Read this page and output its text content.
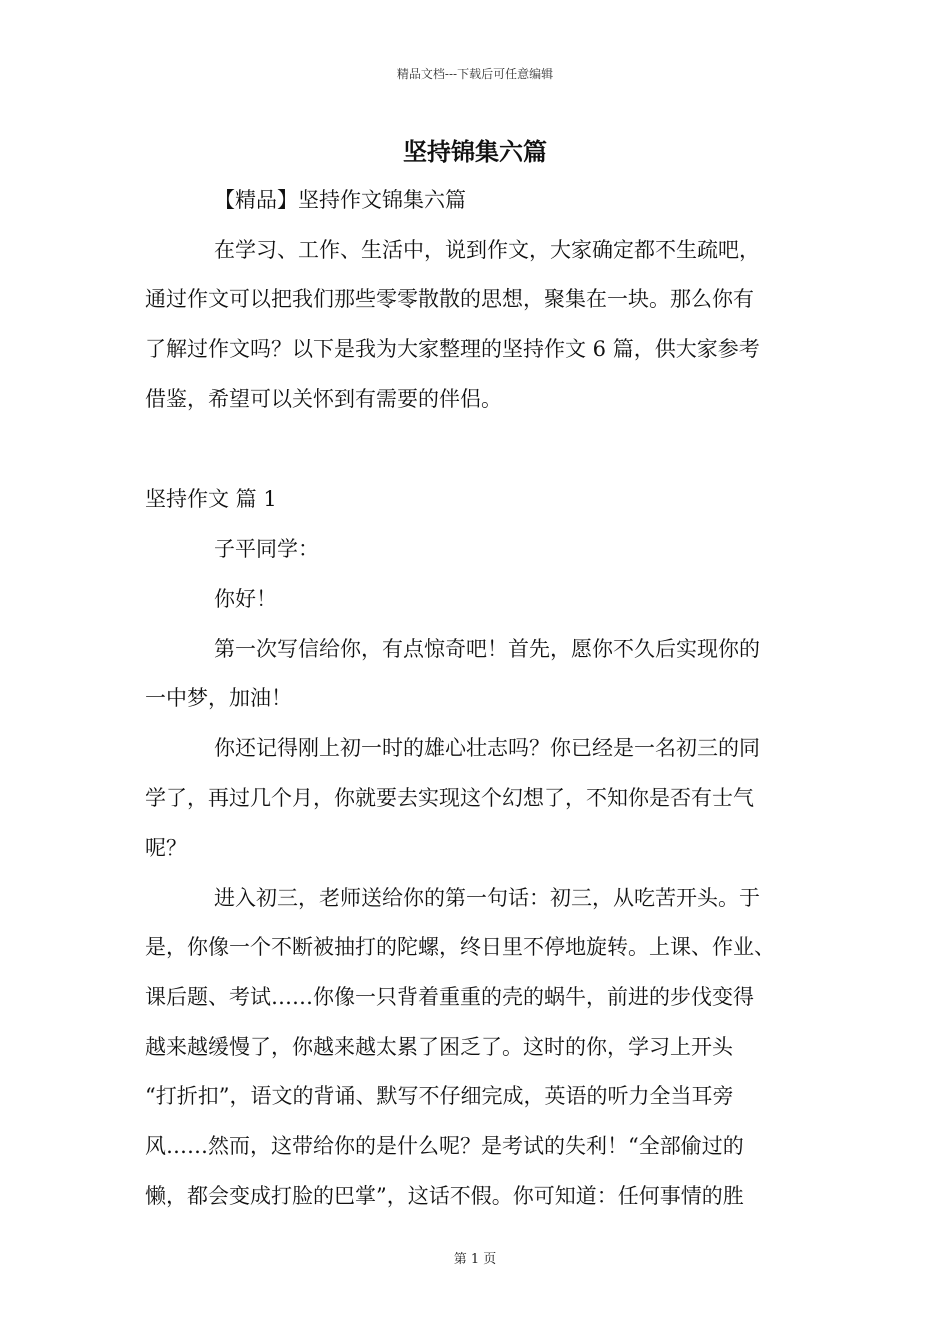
精品文档---下载后可任意编辑
坚持锦集六篇
【精品】坚持作文锦集六篇
在学习、工作、生活中，说到作文，大家确定都不生疏吧，
通过作文可以把我们那些零零散散的思想，聚集在一块。那么你有
了解过作文吗？以下是我为大家整理的坚持作文 6 篇，供大家参考
借鉴，希望可以关怀到有需要的伴侣。
坚持作文 篇 1
子平同学：
你好！
第一次写信给你，有点惊奇吧！首先，愿你不久后实现你的
一中梦，加油！
你还记得刚上初一时的雄心壮志吗？你已经是一名初三的同
学了，再过几个月，你就要去实现这个幻想了，不知你是否有士气
呢？
进入初三，老师送给你的第一句话：初三，从吃苦开头。于
是，你像一个不断被抽打的陀螺，终日里不停地旋转。上课、作业、
课后题、考试……你像一只背着重重的壳的蜗牛，前进的步伐变得
越来越缓慢了，你越来越太累了困乏了。这时的你，学习上开头
“打折扣”，语文的背诵、默写不仔细完成，英语的听力全当耳旁
风……然而，这带给你的是什么呢？是考试的失利！“全部偷过的
懒，都会变成打脸的巴掌”，这话不假。你可知道：任何事情的胜
第 1 页
